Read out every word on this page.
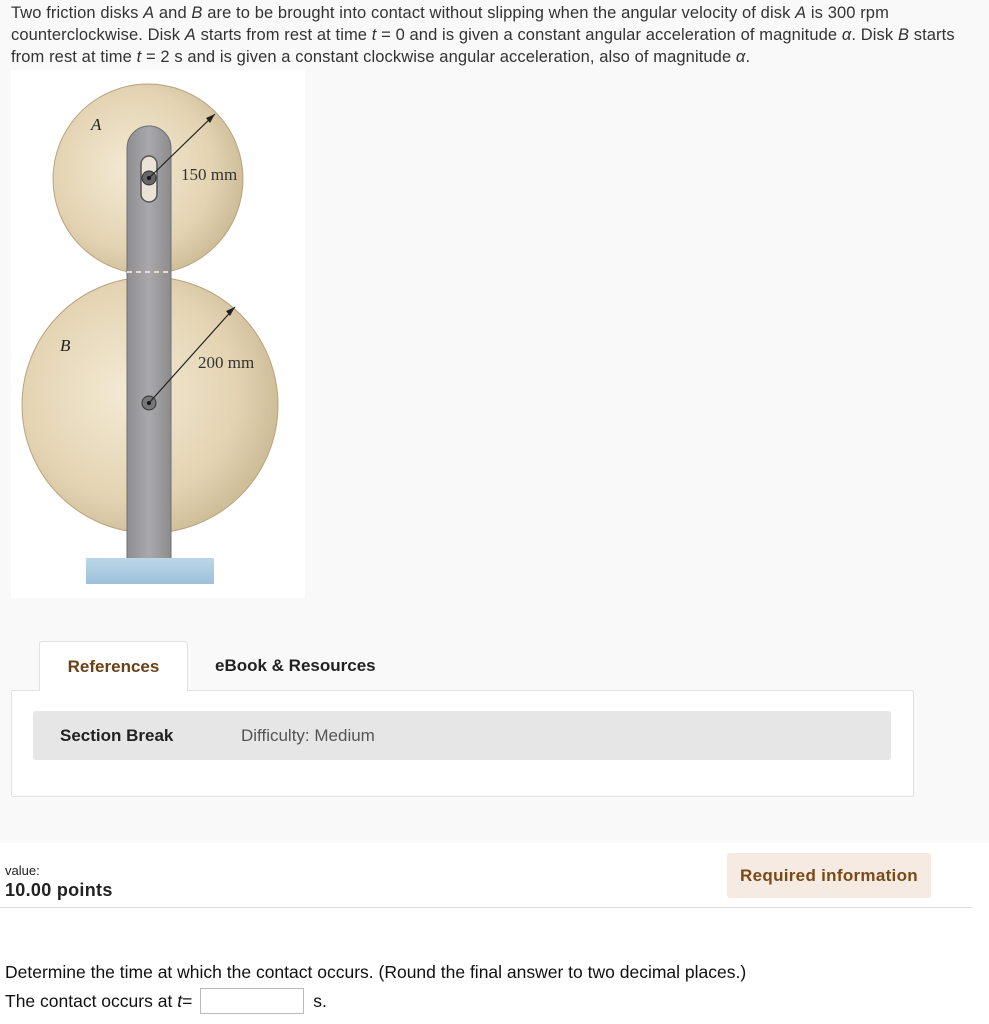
Two friction disks A and B are to be brought into contact without slipping when the angular velocity of disk A is 300 rpm counterclockwise. Disk A starts from rest at time t = 0 and is given a constant angular acceleration of magnitude α. Disk B starts from rest at time t = 2 s and is given a constant clockwise angular acceleration, also of magnitude α.
A
B
150 mm
200 mm
Section Break	Difficulty: Medium
References	eBook & Resources
value:
10.00 points
Required information
Determine the time at which the contact occurs. (Round the final answer to two decimal places.)
The contact occurs at
t =	s.
